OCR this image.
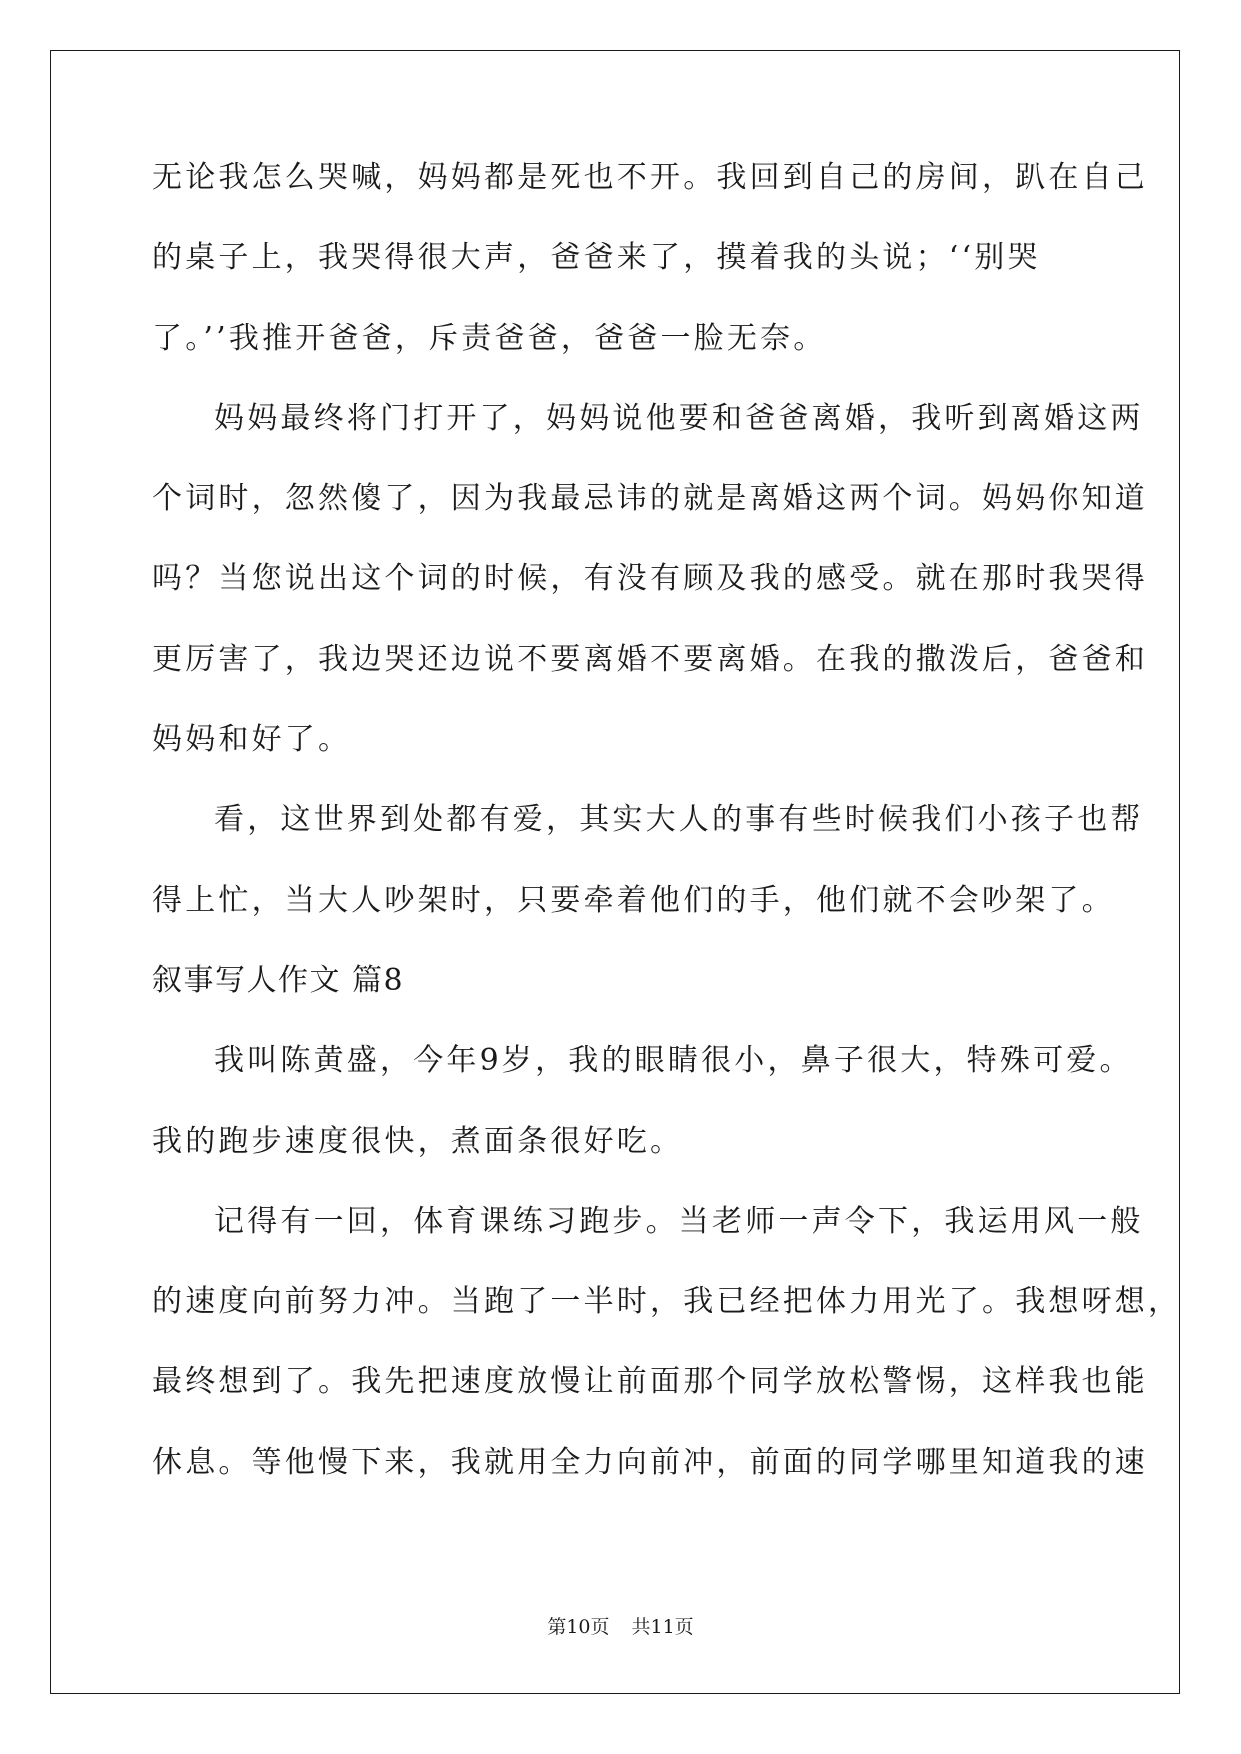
无论我怎么哭喊，妈妈都是死也不开。我回到自己的房间，趴在自己
的桌子上，我哭得很大声，爸爸来了，摸着我的头说；‘‘别哭
了。’’我推开爸爸，斥责爸爸，爸爸一脸无奈。
妈妈最终将门打开了，妈妈说他要和爸爸离婚，我听到离婚这两
个词时，忽然傻了，因为我最忌讳的就是离婚这两个词。妈妈你知道
吗？当您说出这个词的时候，有没有顾及我的感受。就在那时我哭得
更厉害了，我边哭还边说不要离婚不要离婚。在我的撒泼后，爸爸和
妈妈和好了。
看，这世界到处都有爱，其实大人的事有些时候我们小孩子也帮
得上忙，当大人吵架时，只要牵着他们的手，他们就不会吵架了。
叙事写人作文 篇8
我叫陈黄盛，今年9岁，我的眼睛很小，鼻子很大，特殊可爱。
我的跑步速度很快，煮面条很好吃。
记得有一回，体育课练习跑步。当老师一声令下，我运用风一般
的速度向前努力冲。当跑了一半时，我已经把体力用光了。我想呀想，
最终想到了。我先把速度放慢让前面那个同学放松警惕，这样我也能
休息。等他慢下来，我就用全力向前冲，前面的同学哪里知道我的速
第10页 共11页
